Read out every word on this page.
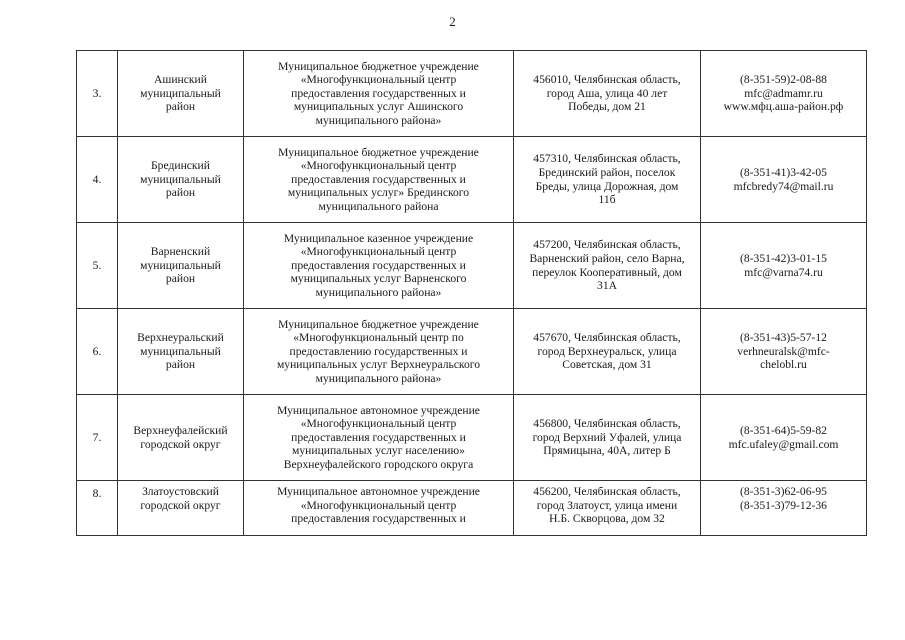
2
3.	Ашинский
муниципальный
район	Муниципальное бюджетное учреждение
«Многофункциональный центр
предоставления государственных и
муниципальных услуг Ашинского
муниципального района»	456010, Челябинская область,
город Аша, улица 40 лет
Победы, дом 21	(8-351-59)2-08-88
mfc@admamr.ru
www.мфц.аша-район.рф

4.	Брединский
муниципальный
район	Муниципальное бюджетное учреждение
«Многофункциональный центр
предоставления государственных и
муниципальных услуг» Брединского
муниципального района	457310, Челябинская область,
Брединский район, поселок
Бреды, улица Дорожная, дом
11б	(8-351-41)3-42-05
mfcbredy74@mail.ru

5.	Варненский
муниципальный
район	Муниципальное казенное учреждение
«Многофункциональный центр
предоставления государственных и
муниципальных услуг Варненского
муниципального района»	457200, Челябинская область,
Варненский район, село Варна,
переулок Кооперативный, дом
31А	(8-351-42)3-01-15
mfc@varna74.ru

6.	Верхнеуральский
муниципальный
район	Муниципальное бюджетное учреждение
«Многофункциональный центр по
предоставлению государственных и
муниципальных услуг Верхнеуральского
муниципального района»	457670, Челябинская область,
город Верхнеуральск, улица
Советская, дом 31	(8-351-43)5-57-12
verhneuralsk@mfc-
chelobl.ru

7.	Верхнеуфалейский
городской округ	Муниципальное автономное учреждение
«Многофункциональный центр
предоставления государственных и
муниципальных услуг населению»
Верхнеуфалейского городского округа	456800, Челябинская область,
город Верхний Уфалей, улица
Прямицына, 40А, литер Б	(8-351-64)5-59-82
mfc.ufaley@gmail.com

8.	Златоустовский
городской округ	Муниципальное автономное учреждение
«Многофункциональный центр
предоставления государственных и	456200, Челябинская область,
город Златоуст, улица имени
Н.Б. Скворцова, дом 32	(8-351-3)62-06-95
(8-351-3)79-12-36
